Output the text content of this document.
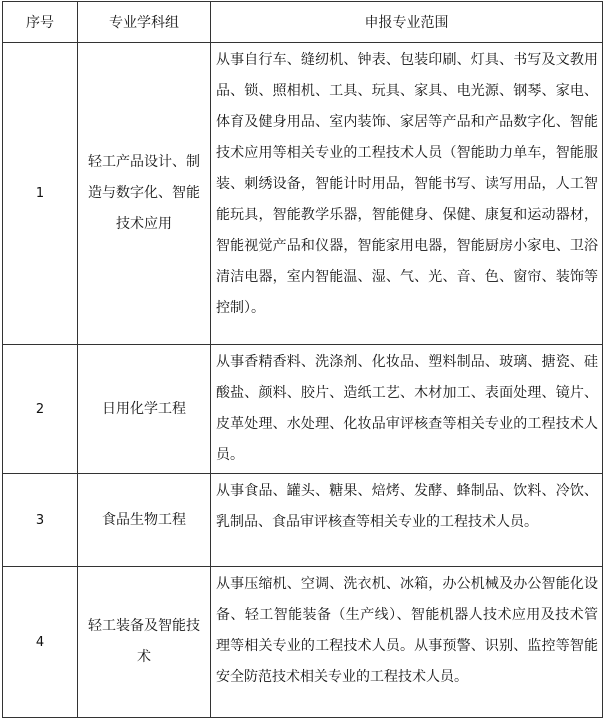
序号	专业学科组	申报专业范围
1	轻工产品设计、制造与数字化、智能技术应用	从事自行车、缝纫机、钟表、包装印刷、灯具、书写及文教用品、锁、照相机、工具、玩具、家具、电光源、钢琴、家电、体育及健身用品、室内装饰、家居等产品和产品数字化、智能技术应用等相关专业的工程技术人员（智能助力单车，智能服装、刺绣设备，智能计时用品，智能书写、读写用品，人工智能玩具，智能教学乐器，智能健身、保健、康复和运动器材，智能视觉产品和仪器，智能家用电器，智能厨房小家电、卫浴清洁电器，室内智能温、湿、气、光、音、色、窗帘、装饰等控制）。
2	日用化学工程	从事香精香料、洗涤剂、化妆品、塑料制品、玻璃、搪瓷、硅酸盐、颜料、胶片、造纸工艺、木材加工、表面处理、镜片、皮革处理、水处理、化妆品审评核查等相关专业的工程技术人员。
3	食品生物工程	从事食品、罐头、糖果、焙烤、发酵、蜂制品、饮料、冷饮、乳制品、食品审评核查等相关专业的工程技术人员。
4	轻工装备及智能技术	从事压缩机、空调、洗衣机、冰箱，办公机械及办公智能化设备、轻工智能装备（生产线）、智能机器人技术应用及技术管理等相关专业的工程技术人员。从事预警、识别、监控等智能安全防范技术相关专业的工程技术人员。
